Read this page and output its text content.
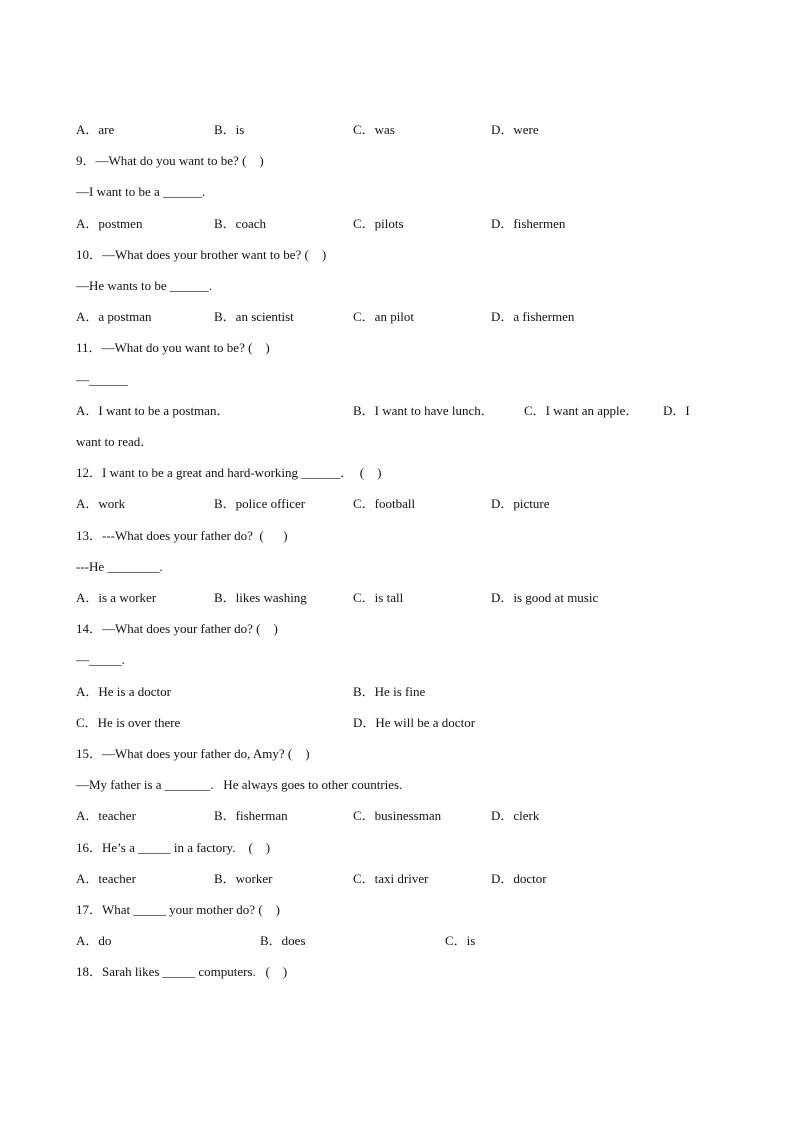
A．are	B．is	C．was	D．were
9．—What do you want to be? (    )
—I want to be a ______.
A．postmen	B．coach	C．pilots	D．fishermen
10．—What does your brother want to be? (    )
—He wants to be ______.
A．a postman	B．an scientist	C．an pilot	D．a fishermen
11．—What do you want to be? (    )
—______
A．I want to be a postman．	B．I want to have lunch． C．I want an apple． D．I
want to read．
12．I want to be a great and hard-working ______．  (    )
A．work	B．police officer	C．football	D．picture
13．---What does your father do?  (      )
---He ________.
A．is a worker	B．likes washing	C．is tall	D．is good at music
14．—What does your father do? (    )
—_____.
A．He is a doctor	B．He is fine
C．He is over there	D．He will be a doctor
15．—What does your father do, Amy? (    )
—My father is a _______.   He always goes to other countries.
A．teacher	B．fisherman	C．businessman	D．clerk
16．He’s a _____ in a factory.    (    )
A．teacher	B．worker	C．taxi driver	D．doctor
17．What _____ your mother do? (    )
A．do	B．does	C．is
18．Sarah likes _____ computers.   (    )
